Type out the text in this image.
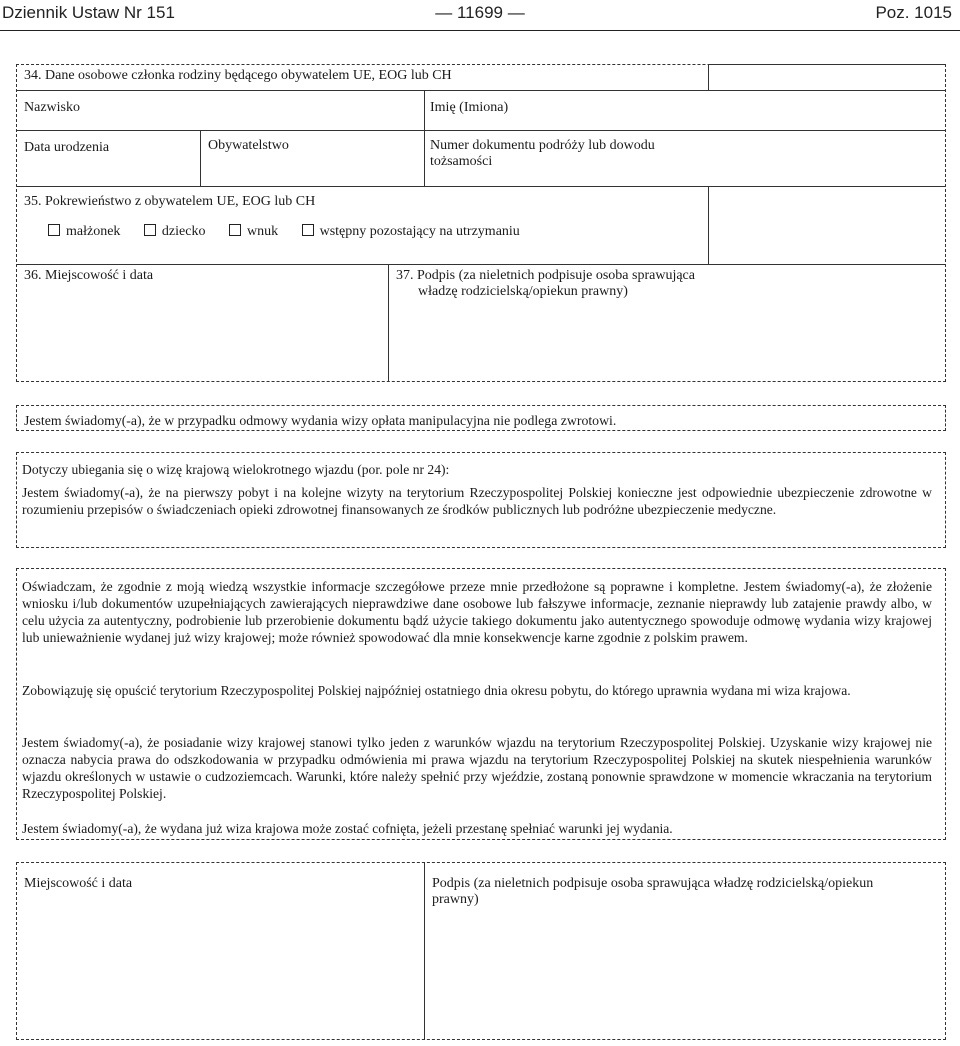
Dziennik Ustaw Nr 151	— 11699 —	Poz. 1015
34. Dane osobowe członka rodziny będącego obywatelem UE, EOG lub CH
Nazwisko	Imię (Imiona)
Data urodzenia	Obywatelstwo	Numer dokumentu podróży lub dowodu tożsamości
35. Pokrewieństwo z obywatelem UE, EOG lub CH
małżonek	dziecko	wnuk	wstępny pozostający na utrzymaniu
36. Miejscowość i data	37. Podpis (za nieletnich podpisuje osoba sprawująca władzę rodzicielską/opiekun prawny)
Jestem świadomy(-a), że w przypadku odmowy wydania wizy opłata manipulacyjna nie podlega zwrotowi.
Dotyczy ubiegania się o wizę krajową wielokrotnego wjazdu (por. pole nr 24):

Jestem świadomy(-a), że na pierwszy pobyt i na kolejne wizyty na terytorium Rzeczypospolitej Polskiej konieczne jest odpowiednie ubezpieczenie zdrowotne w rozumieniu przepisów o świadczeniach opieki zdrowotnej finansowanych ze środków publicznych lub podróżne ubezpieczenie medyczne.

Oświadczam, że zgodnie z moją wiedzą wszystkie informacje szczegółowe przeze mnie przedłożone są poprawne i kompletne. Jestem świadomy(-a), że złożenie wniosku i/lub dokumentów uzupełniających zawierających nieprawdziwe dane osobowe lub fałszywe informacje, zeznanie nieprawdy lub zatajenie prawdy albo, w celu użycia za autentyczny, podrobienie lub przerobienie dokumentu bądź użycie takiego dokumentu jako autentycznego spowoduje odmowę wydania wizy krajowej lub unieważnienie wydanej już wizy krajowej; może również spowodować dla mnie konsekwencje karne zgodnie z polskim prawem.

Zobowiązuję się opuścić terytorium Rzeczypospolitej Polskiej najpóźniej ostatniego dnia okresu pobytu, do którego uprawnia wydana mi wiza krajowa.

Jestem świadomy(-a), że posiadanie wizy krajowej stanowi tylko jeden z warunków wjazdu na terytorium Rzeczypospolitej Polskiej. Uzyskanie wizy krajowej nie oznacza nabycia prawa do odszkodowania w przypadku odmówienia mi prawa wjazdu na terytorium Rzeczypospolitej Polskiej na skutek niespełnienia warunków wjazdu określonych w ustawie o cudzoziemcach. Warunki, które należy spełnić przy wjeździe, zostaną ponownie sprawdzone w momencie wkraczania na terytorium Rzeczypospolitej Polskiej.

Jestem świadomy(-a), że wydana już wiza krajowa może zostać cofnięta, jeżeli przestanę spełniać warunki jej wydania.

Miejscowość i data	Podpis (za nieletnich podpisuje osoba sprawująca władzę rodzicielską/opiekun prawny)
